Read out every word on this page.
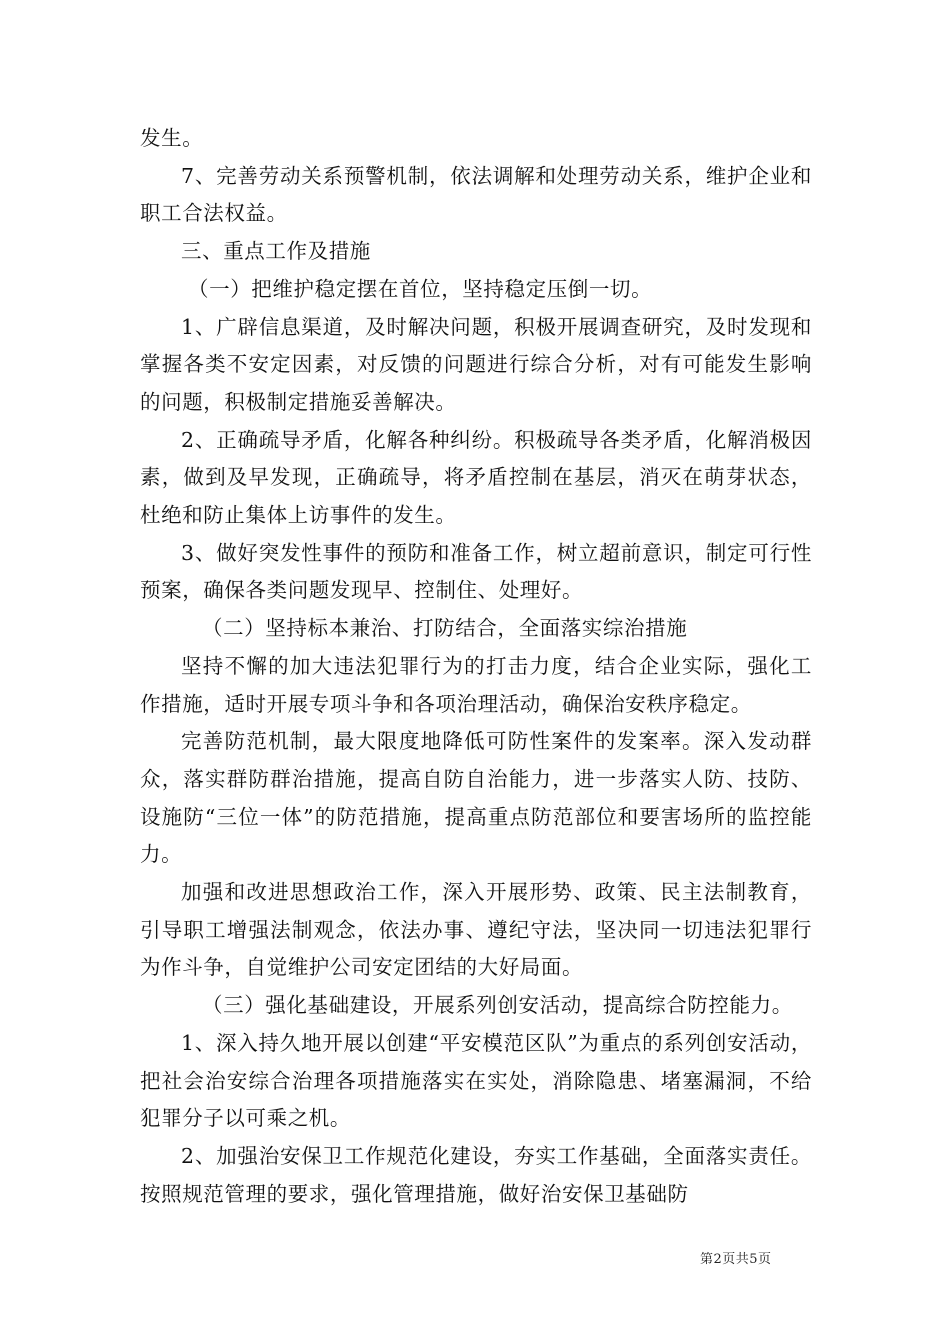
发生。

7、完善劳动关系预警机制，依法调解和处理劳动关系，维护企业和职工合法权益。

三、重点工作及措施

（一）把维护稳定摆在首位，坚持稳定压倒一切。

1、广辟信息渠道，及时解决问题，积极开展调查研究，及时发现和掌握各类不安定因素，对反馈的问题进行综合分析，对有可能发生影响的问题，积极制定措施妥善解决。

2、正确疏导矛盾，化解各种纠纷。积极疏导各类矛盾，化解消极因素，做到及早发现，正确疏导，将矛盾控制在基层，消灭在萌芽状态，杜绝和防止集体上访事件的发生。

3、做好突发性事件的预防和准备工作，树立超前意识，制定可行性预案，确保各类问题发现早、控制住、处理好。

（二）坚持标本兼治、打防结合，全面落实综治措施

坚持不懈的加大违法犯罪行为的打击力度，结合企业实际，强化工作措施，适时开展专项斗争和各项治理活动，确保治安秩序稳定。

完善防范机制，最大限度地降低可防性案件的发案率。深入发动群众，落实群防群治措施，提高自防自治能力，进一步落实人防、技防、设施防“三位一体”的防范措施，提高重点防范部位和要害场所的监控能力。

加强和改进思想政治工作，深入开展形势、政策、民主法制教育，引导职工增强法制观念，依法办事、遵纪守法，坚决同一切违法犯罪行为作斗争，自觉维护公司安定团结的大好局面。

（三）强化基础建设，开展系列创安活动，提高综合防控能力。

1、深入持久地开展以创建“平安模范区队”为重点的系列创安活动，把社会治安综合治理各项措施落实在实处，消除隐患、堵塞漏洞，不给犯罪分子以可乘之机。

2、加强治安保卫工作规范化建设，夯实工作基础，全面落实责任。按照规范管理的要求，强化管理措施，做好治安保卫基础防

第2页共5页
